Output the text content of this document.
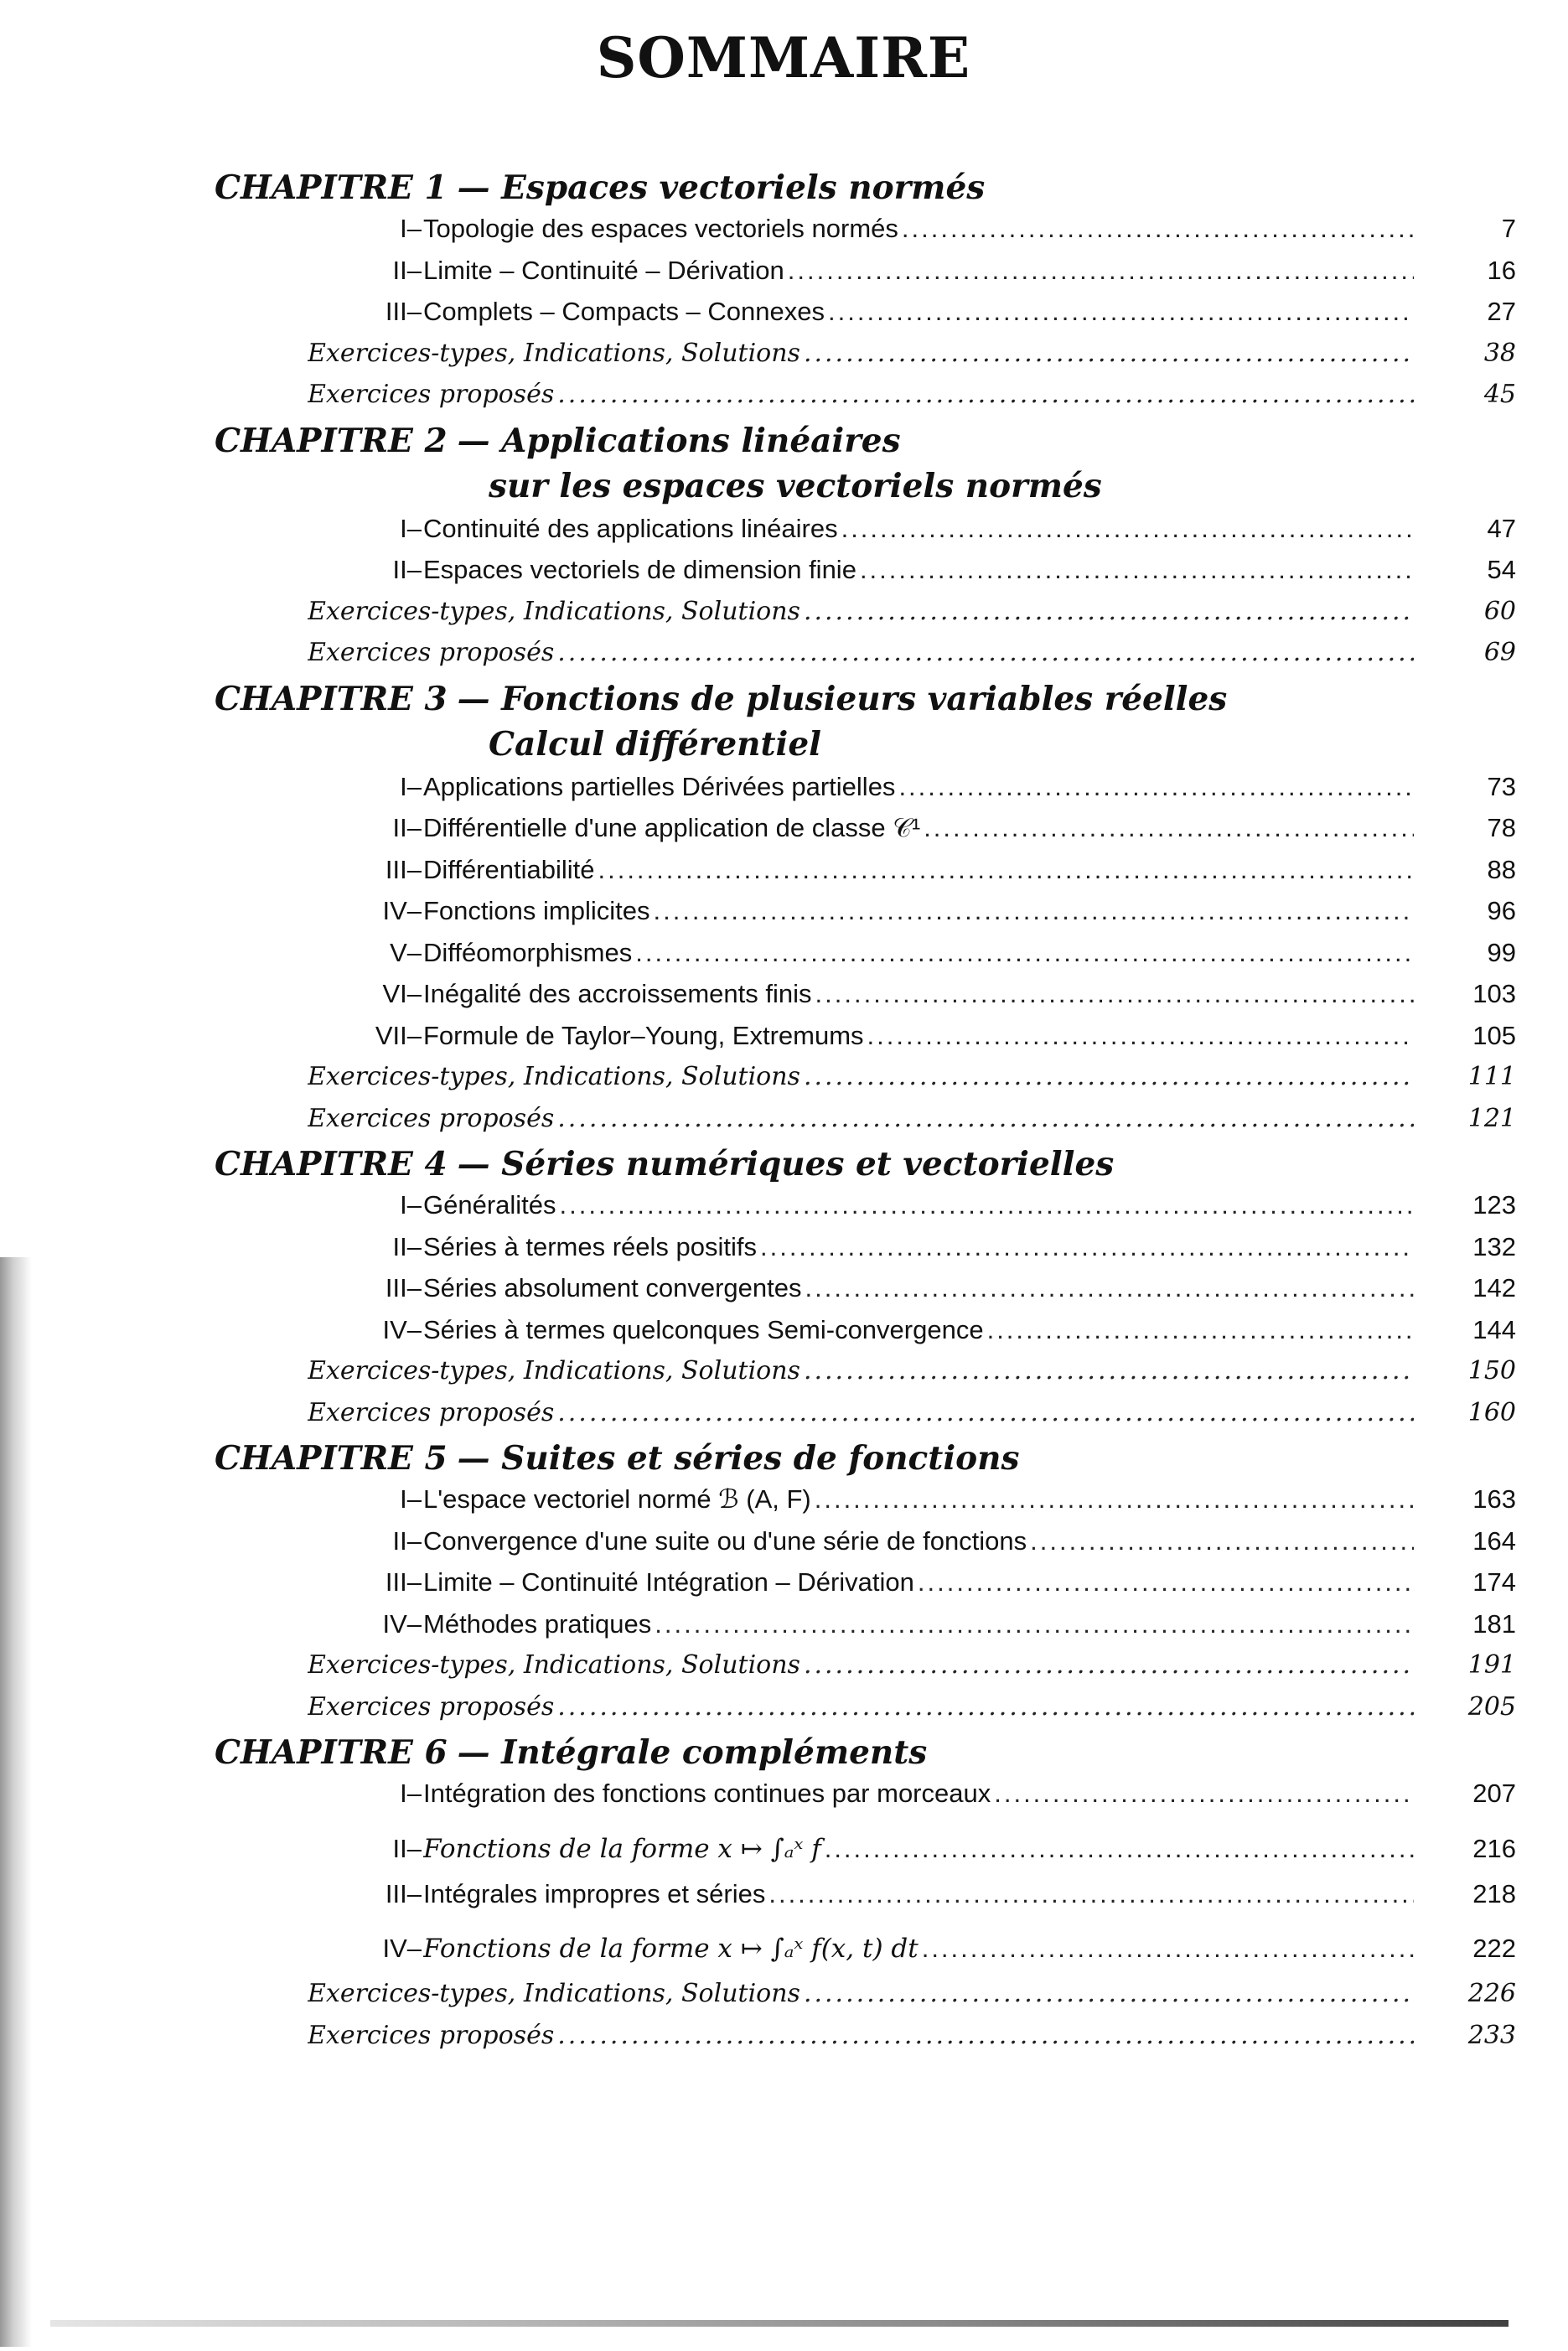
SOMMAIRE
CHAPITRE 1 — Espaces vectoriels normés
I– Topologie des espaces vectoriels normés .....	7
II– Limite – Continuité – Dérivation .....	16
III– Complets – Compacts – Connexes .....	27
Exercices-types, Indications, Solutions .....	38
Exercices proposés .....	45
CHAPITRE 2 — Applications linéaires
sur les espaces vectoriels normés
I– Continuité des applications linéaires .....	47
II– Espaces vectoriels de dimension finie .....	54
Exercices-types, Indications, Solutions .....	60
Exercices proposés .....	69
CHAPITRE 3 — Fonctions de plusieurs variables réelles
Calcul différentiel
I– Applications partielles Dérivées partielles .....	73
II– Différentielle d'une application de classe 𝒞¹ .....	78
III– Différentiabilité .....	88
IV– Fonctions implicites .....	96
V– Difféomorphismes .....	99
VI– Inégalité des accroissements finis .....	103
VII– Formule de Taylor–Young, Extremums .....	105
Exercices-types, Indications, Solutions .....	111
Exercices proposés .....	121
CHAPITRE 4 — Séries numériques et vectorielles
I– Généralités .....	123
II– Séries à termes réels positifs .....	132
III– Séries absolument convergentes .....	142
IV– Séries à termes quelconques Semi-convergence .....	144
Exercices-types, Indications, Solutions .....	150
Exercices proposés .....	160
CHAPITRE 5 — Suites et séries de fonctions
I– L'espace vectoriel normé ℬ (A, F) .....	163
II– Convergence d'une suite ou d'une série de fonctions .....	164
III– Limite – Continuité Intégration – Dérivation .....	174
IV– Méthodes pratiques .....	181
Exercices-types, Indications, Solutions .....	191
Exercices proposés .....	205
CHAPITRE 6 — Intégrale compléments
I– Intégration des fonctions continues par morceaux .....	207
II– Fonctions de la forme x ↦ ∫ₐˣ f .....	216
III– Intégrales impropres et séries .....	218
IV– Fonctions de la forme x ↦ ∫ₐˣ f(x, t) dt .....	222
Exercices-types, Indications, Solutions .....	226
Exercices proposés .....	233
